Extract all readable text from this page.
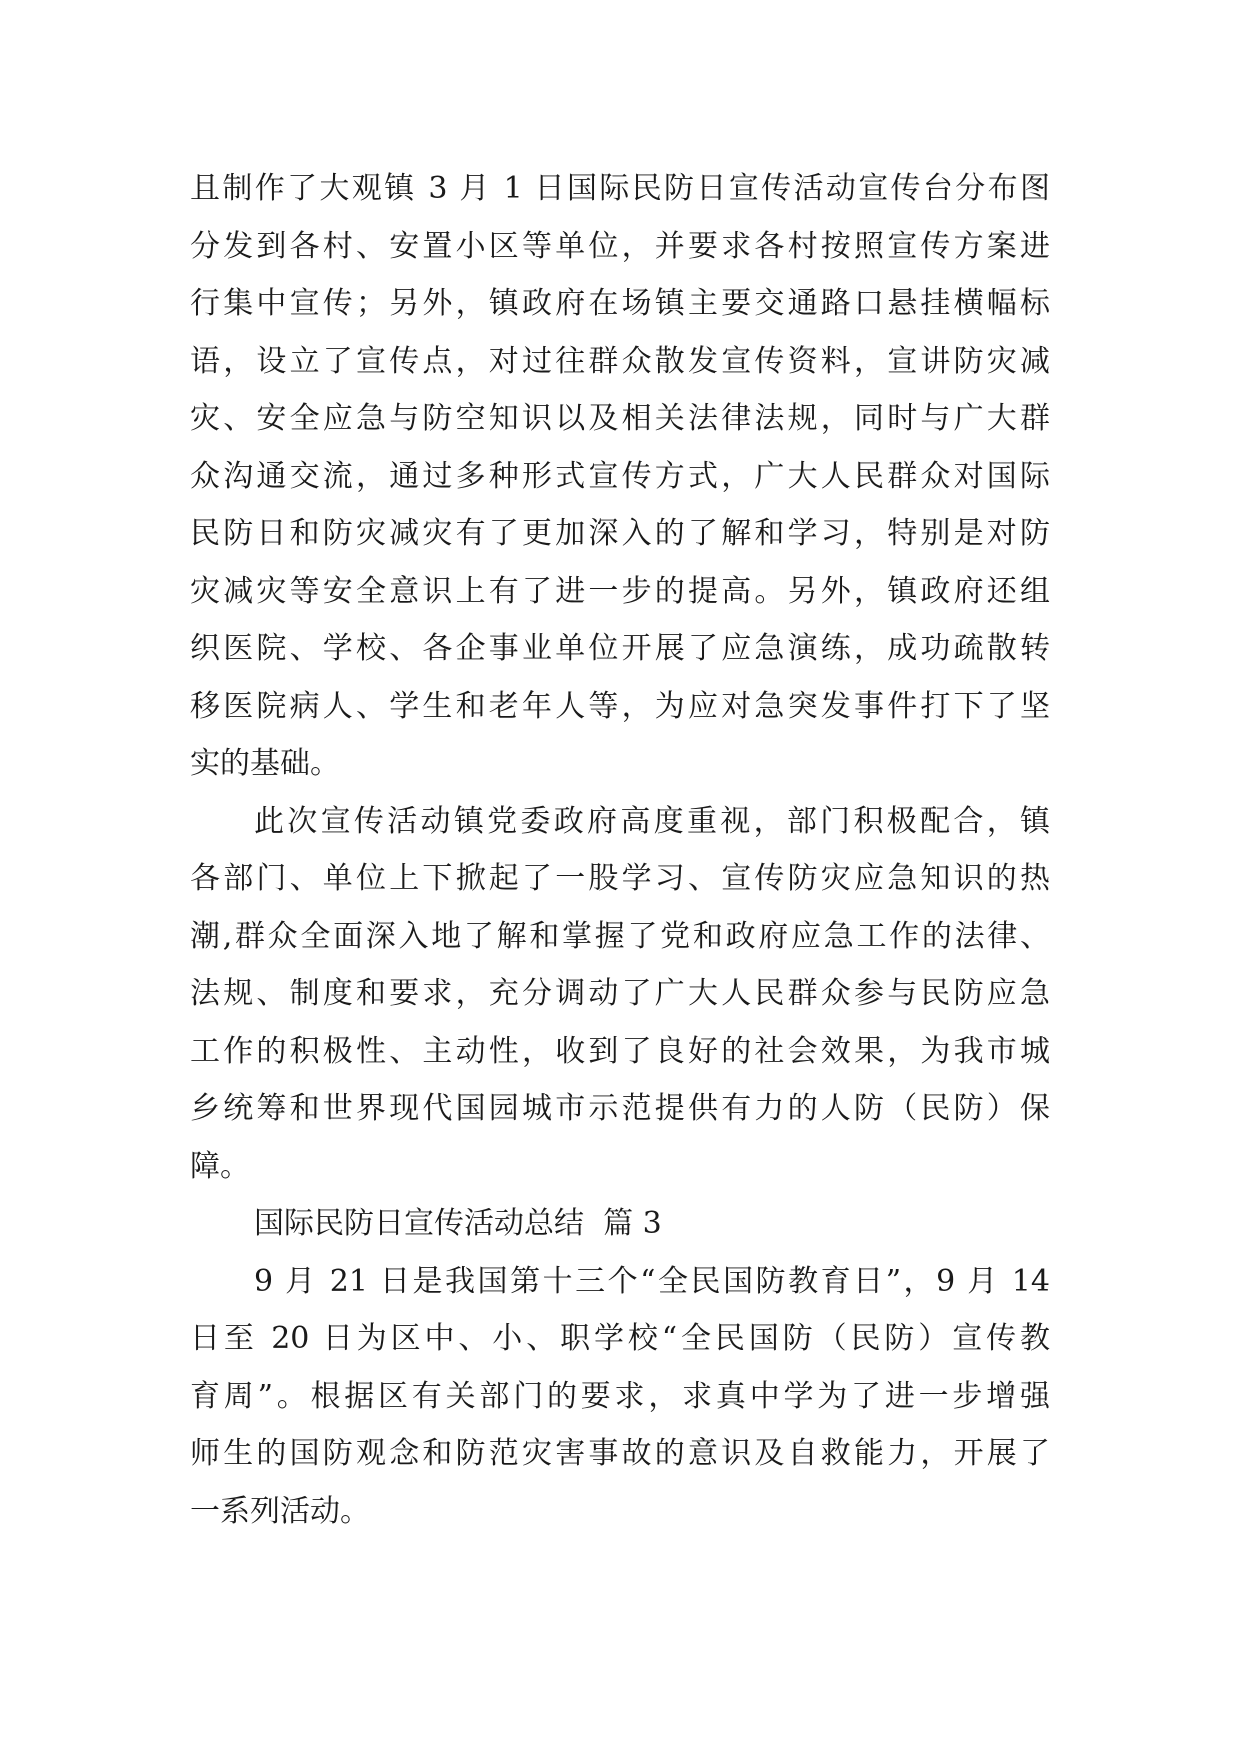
且制作了大观镇 3 月 1 日国际民防日宣传活动宣传台分布图
分发到各村、安置小区等单位，并要求各村按照宣传方案进
行集中宣传；另外，镇政府在场镇主要交通路口悬挂横幅标
语，设立了宣传点，对过往群众散发宣传资料，宣讲防灾减
灾、安全应急与防空知识以及相关法律法规，同时与广大群
众沟通交流，通过多种形式宣传方式，广大人民群众对国际
民防日和防灾减灾有了更加深入的了解和学习，特别是对防
灾减灾等安全意识上有了进一步的提高。另外，镇政府还组
织医院、学校、各企事业单位开展了应急演练，成功疏散转
移医院病人、学生和老年人等，为应对急突发事件打下了坚
实的基础。
此次宣传活动镇党委政府高度重视，部门积极配合，镇
各部门、单位上下掀起了一股学习、宣传防灾应急知识的热
潮,群众全面深入地了解和掌握了党和政府应急工作的法律、
法规、制度和要求，充分调动了广大人民群众参与民防应急
工作的积极性、主动性，收到了良好的社会效果，为我市城
乡统筹和世界现代国园城市示范提供有力的人防（民防）保
障。
国际民防日宣传活动总结  篇 3
9 月 21 日是我国第十三个“全民国防教育日”，9 月 14
日至 20 日为区中、小、职学校“全民国防（民防）宣传教
育周”。根据区有关部门的要求，求真中学为了进一步增强
师生的国防观念和防范灾害事故的意识及自救能力，开展了
一系列活动。
